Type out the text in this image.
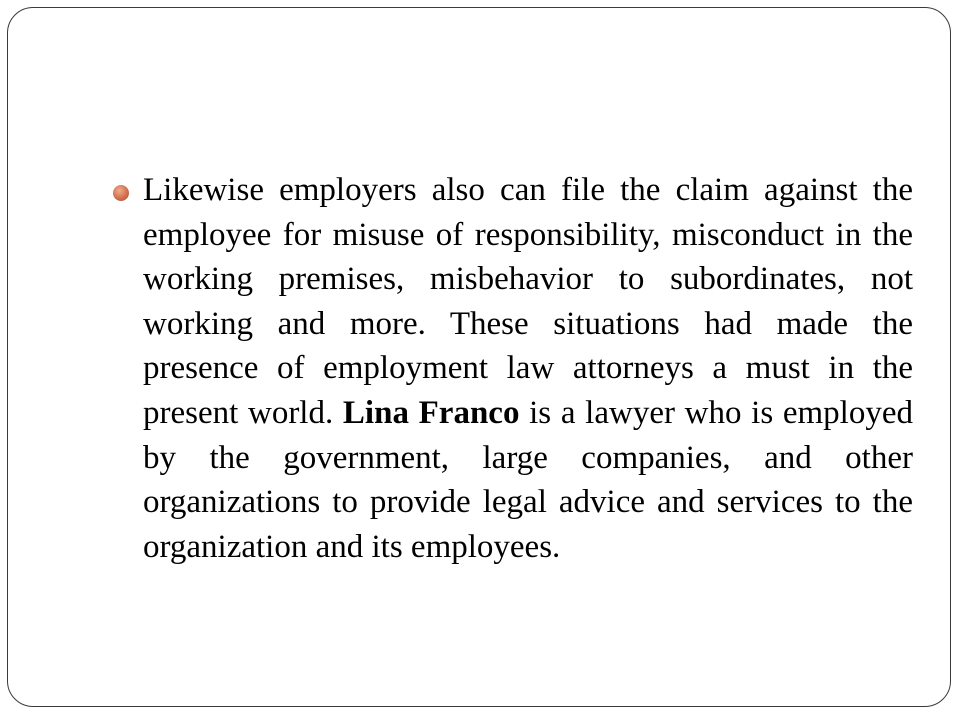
Likewise employers also can file the claim against the employee for misuse of responsibility, misconduct in the working premises, misbehavior to subordinates, not working and more. These situations had made the presence of employment law attorneys a must in the present world. Lina Franco is a lawyer who is employed by the government, large companies, and other organizations to provide legal advice and services to the organization and its employees.
